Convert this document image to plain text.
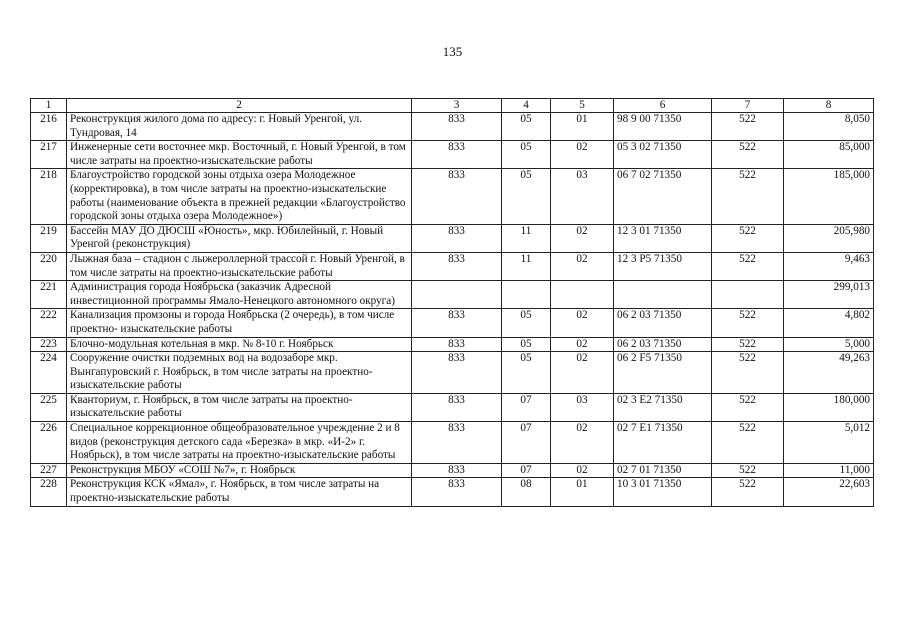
135
1	2	3	4	5	6	7	8
216	Реконструкция жилого дома по адресу: г. Новый Уренгой, ул. Тундровая, 14	833	05	01	98 9 00 71350	522	8,050
217	Инженерные сети восточнее мкр. Восточный, г. Новый Уренгой, в том числе затраты на проектно-изыскательские работы	833	05	02	05 3 02 71350	522	85,000
218	Благоустройство городской зоны отдыха озера Молодежное (корректировка), в том числе затраты на проектно-изыскательские работы (наименование объекта в прежней редакции «Благоустройство городской зоны отдыха озера Молодежное»)	833	05	03	06 7 02 71350	522	185,000
219	Бассейн МАУ ДО ДЮСШ «Юность», мкр. Юбилейный, г. Новый Уренгой (реконструкция)	833	11	02	12 3 01 71350	522	205,980
220	Лыжная база – стадион с лыжероллерной трассой г. Новый Уренгой, в том числе затраты на проектно-изыскательские работы	833	11	02	12 3 P5 71350	522	9,463
221	Администрация города Ноябрьска (заказчик Адресной инвестиционной программы Ямало-Ненецкого автономного округа)						299,013
222	Канализация промзоны и города Ноябрьска (2 очередь), в том числе проектно- изыскательские работы	833	05	02	06 2 03 71350	522	4,802
223	Блочно-модульная котельная в мкр. № 8-10 г. Ноябрьск	833	05	02	06 2 03 71350	522	5,000
224	Сооружение очистки подземных вод на водозаборе мкр. Вынгапуровский г. Ноябрьск, в том числе затраты на проектно-изыскательские работы	833	05	02	06 2 F5 71350	522	49,263
225	Кванториум, г. Ноябрьск, в том числе затраты на проектно-изыскательские работы	833	07	03	02 3 E2 71350	522	180,000
226	Специальное коррекционное общеобразовательное учреждение 2 и 8 видов (реконструкция детского сада «Березка» в мкр. «И-2» г. Ноябрьск), в том числе затраты на проектно-изыскательские работы	833	07	02	02 7 E1 71350	522	5,012
227	Реконструкция МБОУ «СОШ №7», г. Ноябрьск	833	07	02	02 7 01 71350	522	11,000
228	Реконструкция КСК «Ямал», г. Ноябрьск, в том числе затраты на проектно-изыскательские работы	833	08	01	10 3 01 71350	522	22,603
